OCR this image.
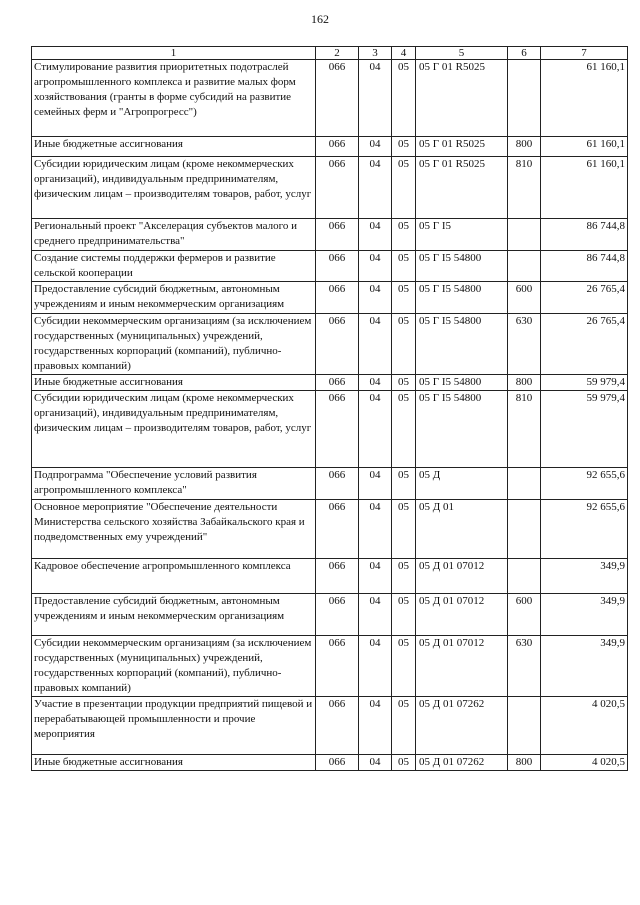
162
1	2	3	4	5	6	7
Стимулирование развития приоритетных подотраслей агропромышленного комплекса и развитие малых форм хозяйствования (гранты в форме субсидий на развитие семейных ферм и "Агропрогресс")	066	04	05	05 Г 01 R5025		61 160,1
Иные бюджетные ассигнования	066	04	05	05 Г 01 R5025	800	61 160,1
Субсидии юридическим лицам (кроме некоммерческих организаций), индивидуальным предпринимателям, физическим лицам – производителям товаров, работ, услуг	066	04	05	05 Г 01 R5025	810	61 160,1
Региональный проект "Акселерация субъектов малого и среднего предпринимательства"	066	04	05	05 Г I5		86 744,8
Создание системы поддержки фермеров и развитие сельской кооперации	066	04	05	05 Г I5 54800		86 744,8
Предоставление субсидий бюджетным, автономным учреждениям и иным некоммерческим организациям	066	04	05	05 Г I5 54800	600	26 765,4
Субсидии некоммерческим организациям (за исключением государственных (муниципальных) учреждений, государственных корпораций (компаний), публично-правовых компаний)	066	04	05	05 Г I5 54800	630	26 765,4
Иные бюджетные ассигнования	066	04	05	05 Г I5 54800	800	59 979,4
Субсидии юридическим лицам (кроме некоммерческих организаций), индивидуальным предпринимателям, физическим лицам – производителям товаров, работ, услуг	066	04	05	05 Г I5 54800	810	59 979,4
Подпрограмма "Обеспечение условий развития агропромышленного комплекса"	066	04	05	05 Д		92 655,6
Основное мероприятие "Обеспечение деятельности Министерства сельского хозяйства Забайкальского края и подведомственных ему учреждений"	066	04	05	05 Д 01		92 655,6
Кадровое обеспечение агропромышленного комплекса	066	04	05	05 Д 01 07012		349,9
Предоставление субсидий бюджетным, автономным учреждениям и иным некоммерческим организациям	066	04	05	05 Д 01 07012	600	349,9
Субсидии некоммерческим организациям (за исключением государственных (муниципальных) учреждений, государственных корпораций (компаний), публично-правовых компаний)	066	04	05	05 Д 01 07012	630	349,9
Участие в презентации продукции предприятий пищевой и перерабатывающей промышленности и прочие мероприятия	066	04	05	05 Д 01 07262		4 020,5
Иные бюджетные ассигнования	066	04	05	05 Д 01 07262	800	4 020,5
